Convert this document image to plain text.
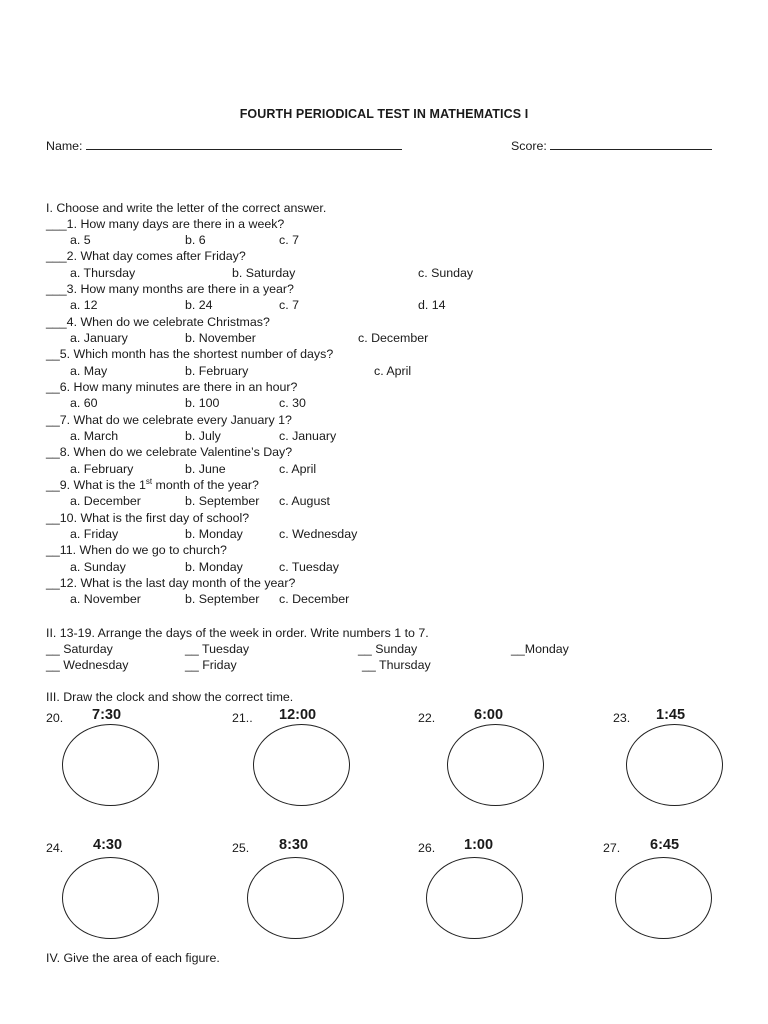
FOURTH PERIODICAL TEST IN MATHEMATICS I
Name:	Score:
I. Choose and write the letter of the correct answer.
___1. How many days are there in a week?
a. 5	b. 6	c. 7
___2. What day comes after Friday?
a. Thursday	b. Saturday	c. Sunday
___3. How many months are there in a year?
a. 12	b. 24	c. 7	d. 14
___4. When do we celebrate Christmas?
a. January	b. November	c. December
__5. Which month has the shortest number of days?
a. May	b. February	c. April
__6. How many minutes are there in an hour?
a. 60	b. 100	c. 30
__7. What do we celebrate every January 1?
a. March	b. July	c. January
__8. When do we celebrate Valentine’s Day?
a. February	b. June	c. April
__9. What is the 1st month of the year?
a. December	b. September c. August
__10. What is the first day of school?
a. Friday	b. Monday	c. Wednesday
__11. When do we go to church?
a. Sunday	b. Monday	c. Tuesday
__12. What is the last day month of the year?
a. November	b. September c. December
II. 13-19. Arrange the days of the week in order. Write numbers 1 to 7.
__ Saturday	__ Tuesday	__ Sunday	__Monday
__ Wednesday	__ Friday	__ Thursday
III. Draw the clock and show the correct time.
20. 7:30	21.. 12:00	22.	6:00	23. 1:45
24. 4:30	25. 8:30	26. 1:00	27. 6:45
IV. Give the area of each figure.
